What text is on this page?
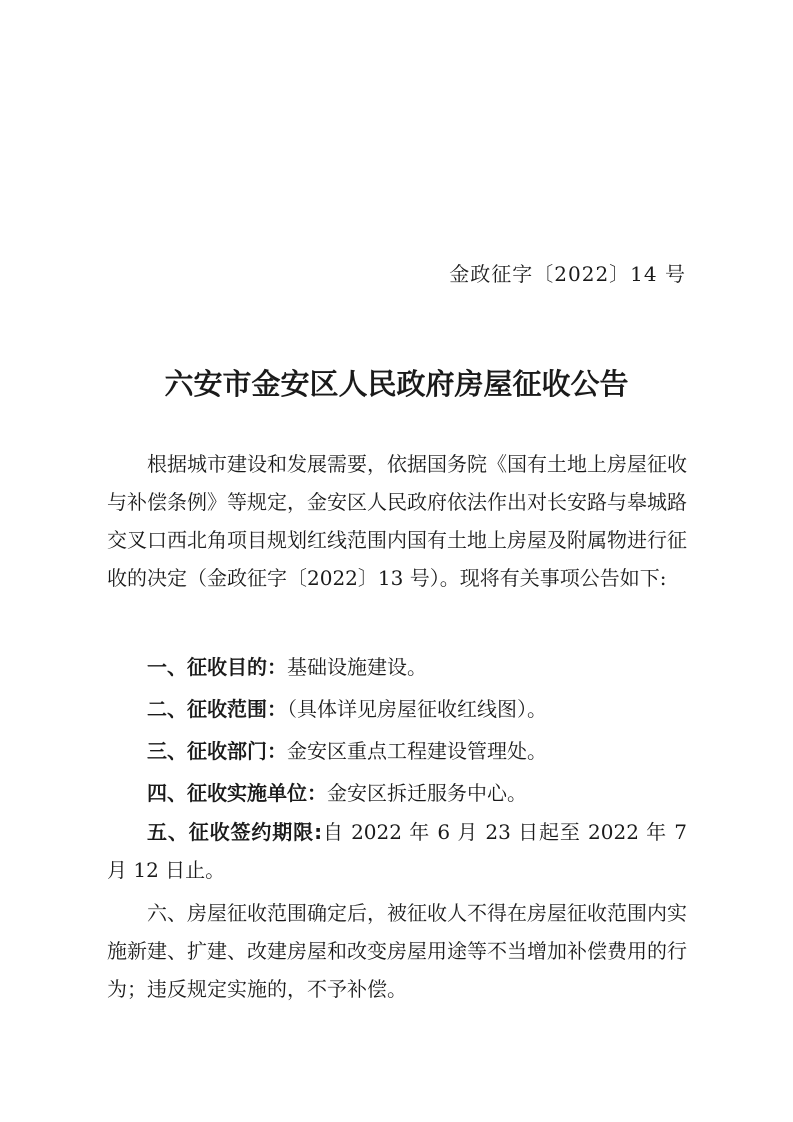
金政征字〔2022〕14 号
六安市金安区人民政府房屋征收公告

根据城市建设和发展需要，依据国务院《国有土地上房屋征收与补偿条例》等规定，金安区人民政府依法作出对长安路与皋城路交叉口西北角项目规划红线范围内国有土地上房屋及附属物进行征收的决定（金政征字〔2022〕13 号）。现将有关事项公告如下:

一、征收目的：基础设施建设。

二、征收范围：（具体详见房屋征收红线图）。

三、征收部门：金安区重点工程建设管理处。

四、征收实施单位：金安区拆迁服务中心。

五、征收签约期限:自 2022 年 6 月 23 日起至 2022 年 7 月 12 日止。

六、房屋征收范围确定后，被征收人不得在房屋征收范围内实施新建、扩建、改建房屋和改变房屋用途等不当增加补偿费用的行为；违反规定实施的，不予补偿。
